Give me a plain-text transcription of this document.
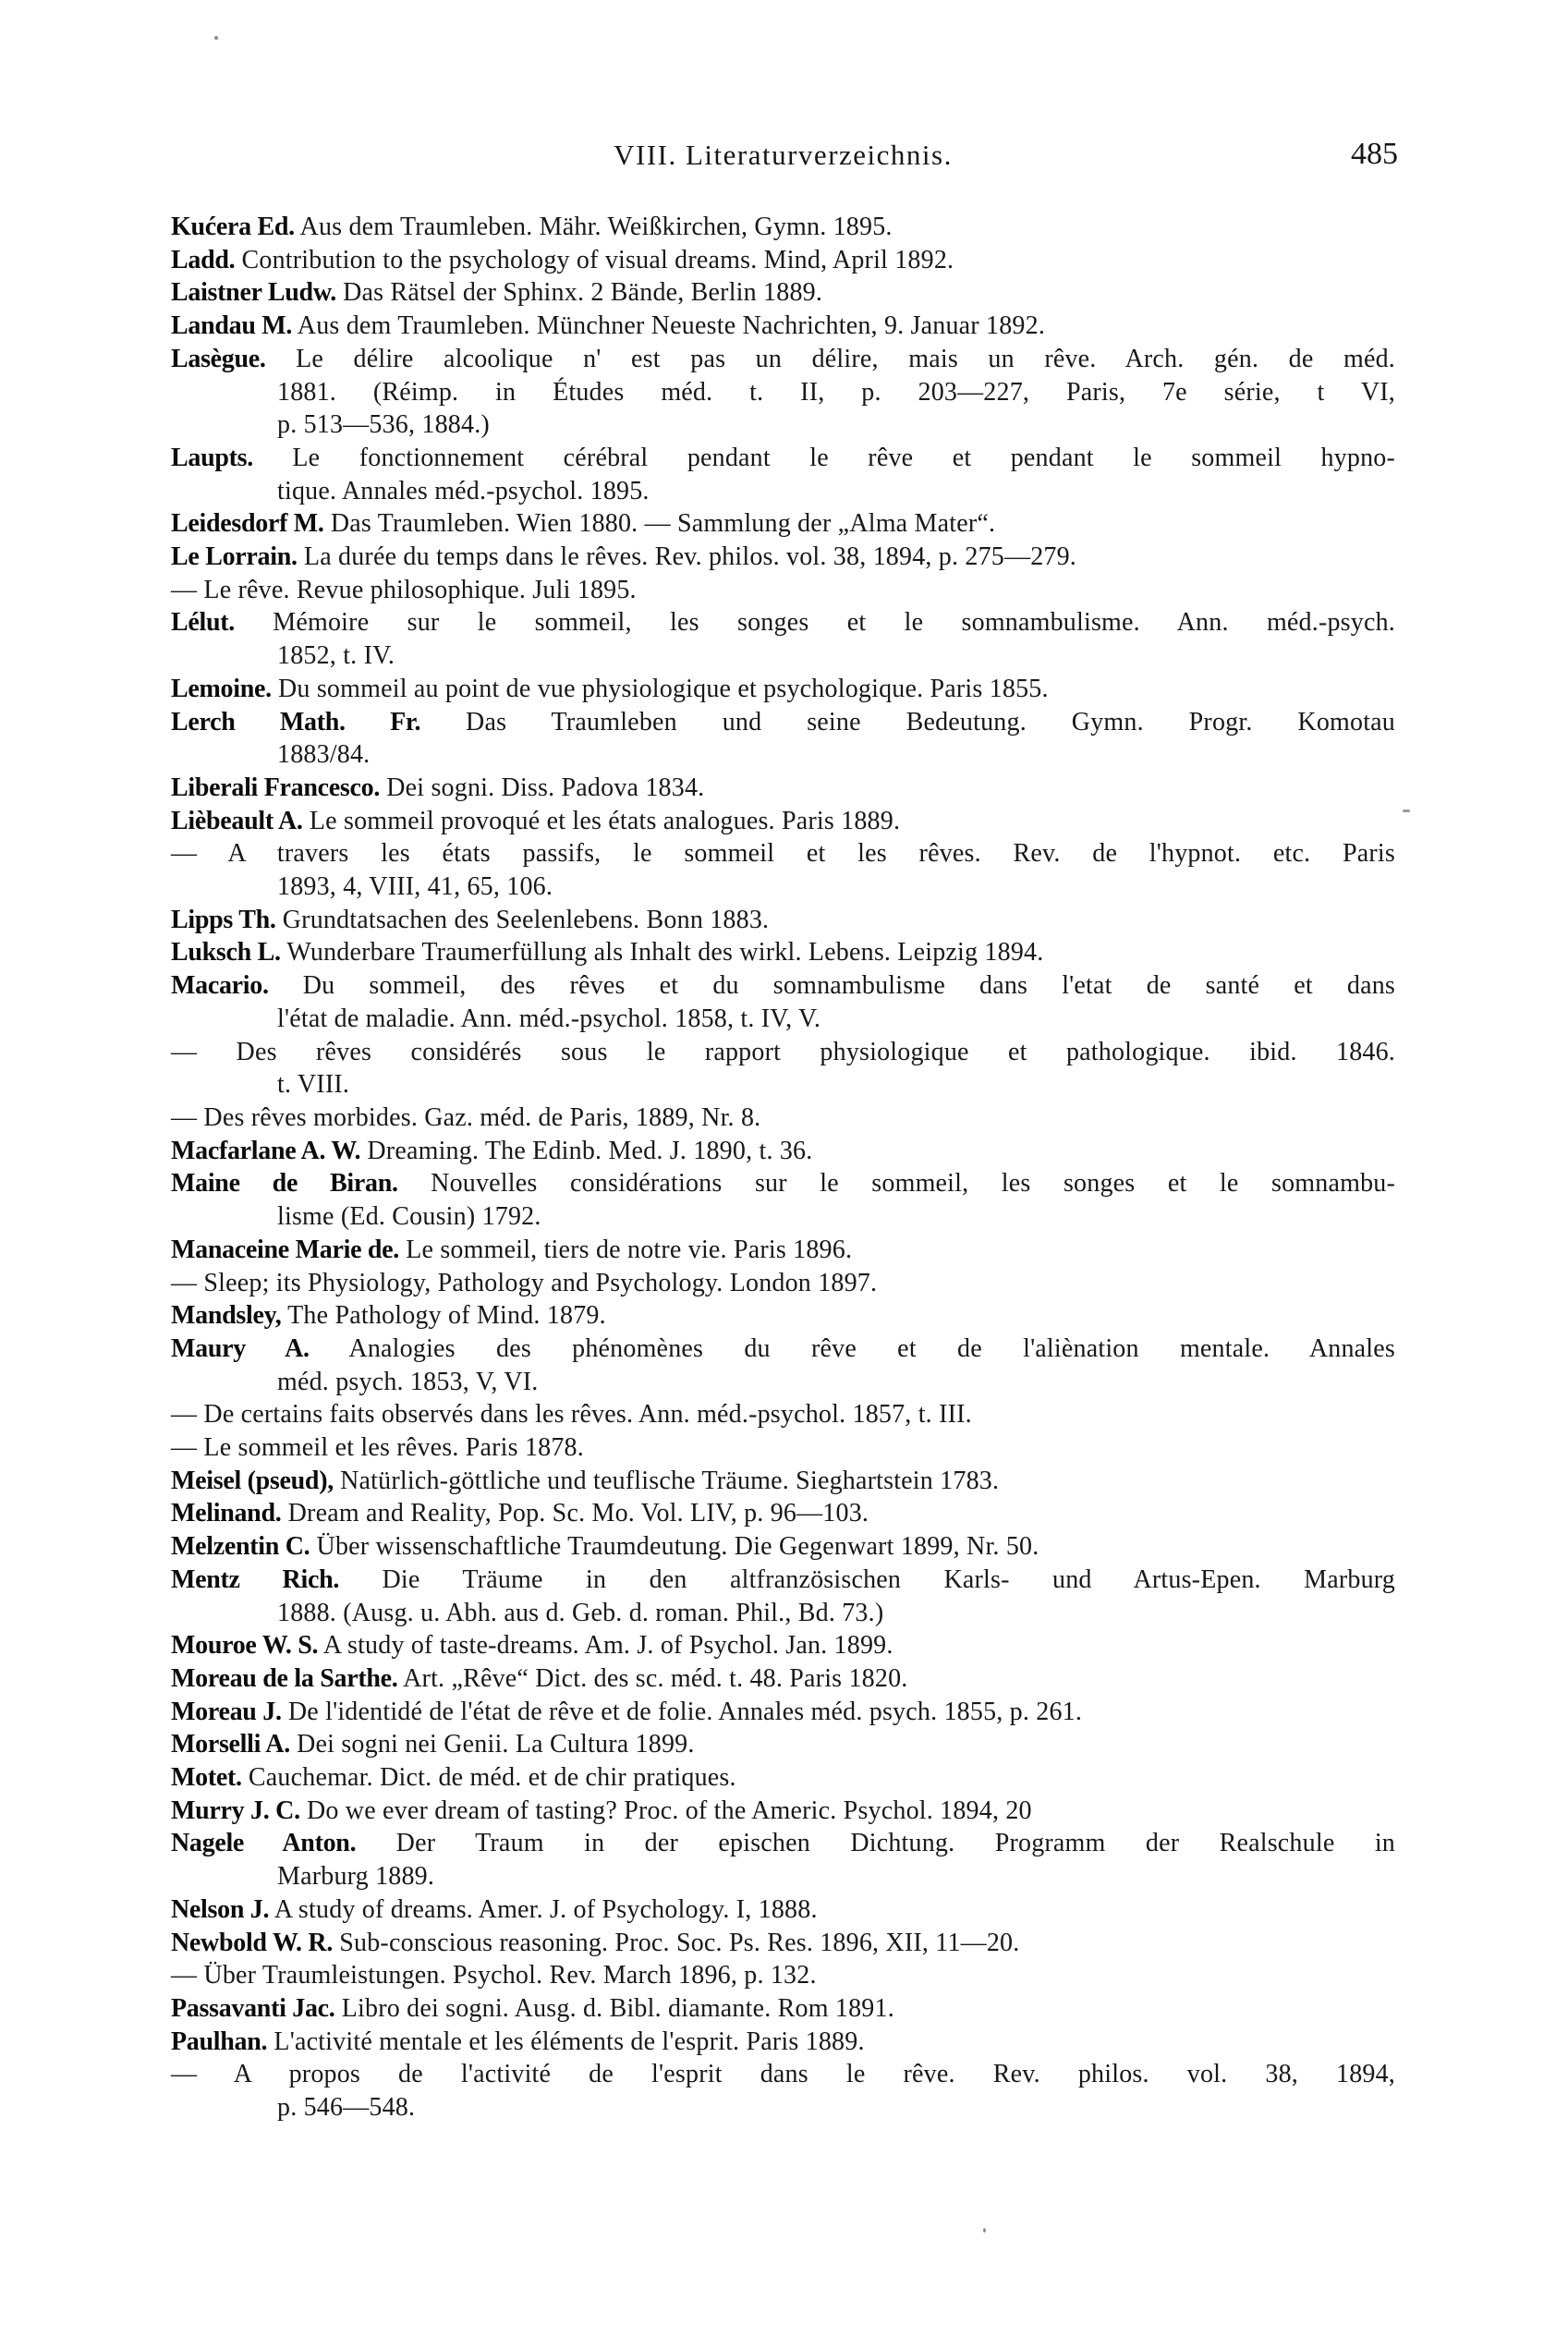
VIII. Literaturverzeichnis.	485
Kućera Ed. Aus dem Traumleben. Mähr. Weißkirchen, Gymn. 1895.
Ladd. Contribution to the psychology of visual dreams. Mind, April 1892.
Laistner Ludw. Das Rätsel der Sphinx. 2 Bände, Berlin 1889.
Landau M. Aus dem Traumleben. Münchner Neueste Nachrichten, 9. Januar 1892.
Lasègue. Le délire alcoolique n' est pas un délire, mais un rêve. Arch. gén. de méd.
1881. (Réimp. in Études méd. t. II, p. 203—227, Paris, 7e série, t VI,
p. 513—536, 1884.)
Laupts. Le fonctionnement cérébral pendant le rêve et pendant le sommeil hypno-
tique. Annales méd.-psychol. 1895.
Leidesdorf M. Das Traumleben. Wien 1880. — Sammlung der „Alma Mater“.
Le Lorrain. La durée du temps dans le rêves. Rev. philos. vol. 38, 1894, p. 275—279.
— Le rêve. Revue philosophique. Juli 1895.
Lélut. Mémoire sur le sommeil, les songes et le somnambulisme. Ann. méd.-psych.
1852, t. IV.
Lemoine. Du sommeil au point de vue physiologique et psychologique. Paris 1855.
Lerch Math. Fr. Das Traumleben und seine Bedeutung. Gymn. Progr. Komotau
1883/84.
Liberali Francesco. Dei sogni. Diss. Padova 1834.
Lièbeault A. Le sommeil provoqué et les états analogues. Paris 1889.
— A travers les états passifs, le sommeil et les rêves. Rev. de l'hypnot. etc. Paris
1893, 4, VIII, 41, 65, 106.
Lipps Th. Grundtatsachen des Seelenlebens. Bonn 1883.
Luksch L. Wunderbare Traumerfüllung als Inhalt des wirkl. Lebens. Leipzig 1894.
Macario. Du sommeil, des rêves et du somnambulisme dans l'etat de santé et dans
l'état de maladie. Ann. méd.-psychol. 1858, t. IV, V.
— Des rêves considérés sous le rapport physiologique et pathologique. ibid. 1846.
t. VIII.
— Des rêves morbides. Gaz. méd. de Paris, 1889, Nr. 8.
Macfarlane A. W. Dreaming. The Edinb. Med. J. 1890, t. 36.
Maine de Biran. Nouvelles considérations sur le sommeil, les songes et le somnambu-
lisme (Ed. Cousin) 1792.
Manaceine Marie de. Le sommeil, tiers de notre vie. Paris 1896.
— Sleep; its Physiology, Pathology and Psychology. London 1897.
Mandsley, The Pathology of Mind. 1879.
Maury A. Analogies des phénomènes du rêve et de l'aliènation mentale. Annales
méd. psych. 1853, V, VI.
— De certains faits observés dans les rêves. Ann. méd.-psychol. 1857, t. III.
— Le sommeil et les rêves. Paris 1878.
Meisel (pseud), Natürlich-göttliche und teuflische Träume. Sieghartstein 1783.
Melinand. Dream and Reality, Pop. Sc. Mo. Vol. LIV, p. 96—103.
Melzentin C. Über wissenschaftliche Traumdeutung. Die Gegenwart 1899, Nr. 50.
Mentz Rich. Die Träume in den altfranzösischen Karls- und Artus-Epen. Marburg
1888. (Ausg. u. Abh. aus d. Geb. d. roman. Phil., Bd. 73.)
Mouroe W. S. A study of taste-dreams. Am. J. of Psychol. Jan. 1899.
Moreau de la Sarthe. Art. „Rêve“ Dict. des sc. méd. t. 48. Paris 1820.
Moreau J. De l'identidé de l'état de rêve et de folie. Annales méd. psych. 1855, p. 261.
Morselli A. Dei sogni nei Genii. La Cultura 1899.
Motet. Cauchemar. Dict. de méd. et de chir pratiques.
Murry J. C. Do we ever dream of tasting? Proc. of the Americ. Psychol. 1894, 20
Nagele Anton. Der Traum in der epischen Dichtung. Programm der Realschule in
Marburg 1889.
Nelson J. A study of dreams. Amer. J. of Psychology. I, 1888.
Newbold W. R. Sub-conscious reasoning. Proc. Soc. Ps. Res. 1896, XII, 11—20.
— Über Traumleistungen. Psychol. Rev. March 1896, p. 132.
Passavanti Jac. Libro dei sogni. Ausg. d. Bibl. diamante. Rom 1891.
Paulhan. L'activité mentale et les éléments de l'esprit. Paris 1889.
— A propos de l'activité de l'esprit dans le rêve. Rev. philos. vol. 38, 1894,
p. 546—548.
